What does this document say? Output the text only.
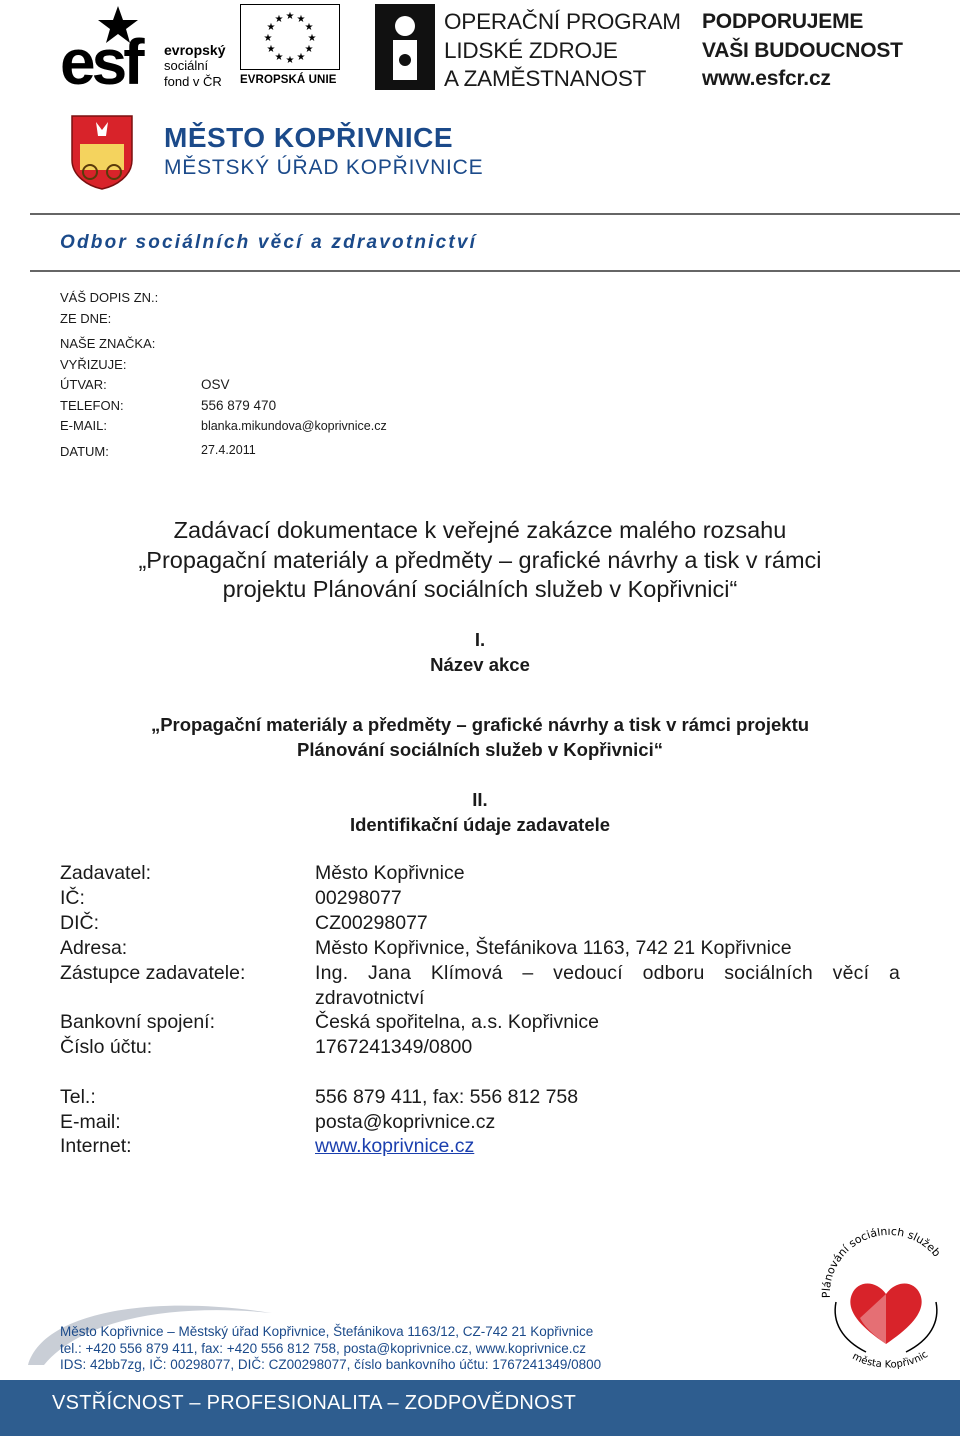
esf evropský
sociální
fond v ČR
★ ★
★
★
★
★
★
★
★
★
★
★
EVROPSKÁ UNIE
OPERAČNÍ PROGRAM
LIDSKÉ ZDROJE
A ZAMĚSTNANOST
PODPORUJEME
VAŠI BUDOUCNOST
www.esfcr.cz
MĚSTO KOPŘIVNICE
MĚSTSKÝ ÚŘAD KOPŘIVNICE
Odbor sociálních věcí a zdravotnictví
VÁŠ DOPIS ZN.:
ZE DNE:
NAŠE ZNAČKA:
VYŘIZUJE:
ÚTVAR:	OSV
TELEFON:	556 879 470
E-MAIL:	blanka.mikundova@koprivnice.cz
DATUM:	27.4.2011
Zadávací dokumentace k veřejné zakázce malého rozsahu
„Propagační materiály a předměty – grafické návrhy a tisk v rámci
projektu Plánování sociálních služeb v Kopřivnici“
I.
Název akce
„Propagační materiály a předměty – grafické návrhy a tisk v rámci projektu
Plánování sociálních služeb v Kopřivnici“
II.
Identifikační údaje zadavatele
Zadavatel:	Město Kopřivnice
IČ:	00298077
DIČ:	CZ00298077
Adresa:	Město Kopřivnice, Štefánikova 1163, 742 21 Kopřivnice
Zástupce zadavatele:	Ing. Jana Klímová – vedoucí odboru sociálních věcí a
zdravotnictví
Bankovní spojení:	Česká spořitelna, a.s. Kopřivnice
Číslo účtu:	1767241349/0800
Tel.:	556 879 411, fax: 556 812 758
E-mail:	posta@koprivnice.cz
Internet:	www.koprivnice.cz
Plánování sociálních služeb
města Kopřivnic
Město Kopřivnice – Městský úřad Kopřivnice, Štefánikova 1163/12, CZ-742 21 Kopřivnice
tel.: +420 556 879 411, fax: +420 556 812 758, posta@koprivnice.cz, www.koprivnice.cz
IDS: 42bb7zg, IČ: 00298077, DIČ: CZ00298077, číslo bankovního účtu: 1767241349/0800
VSTŘÍCNOST – PROFESIONALITA – ZODPOVĚDNOST
